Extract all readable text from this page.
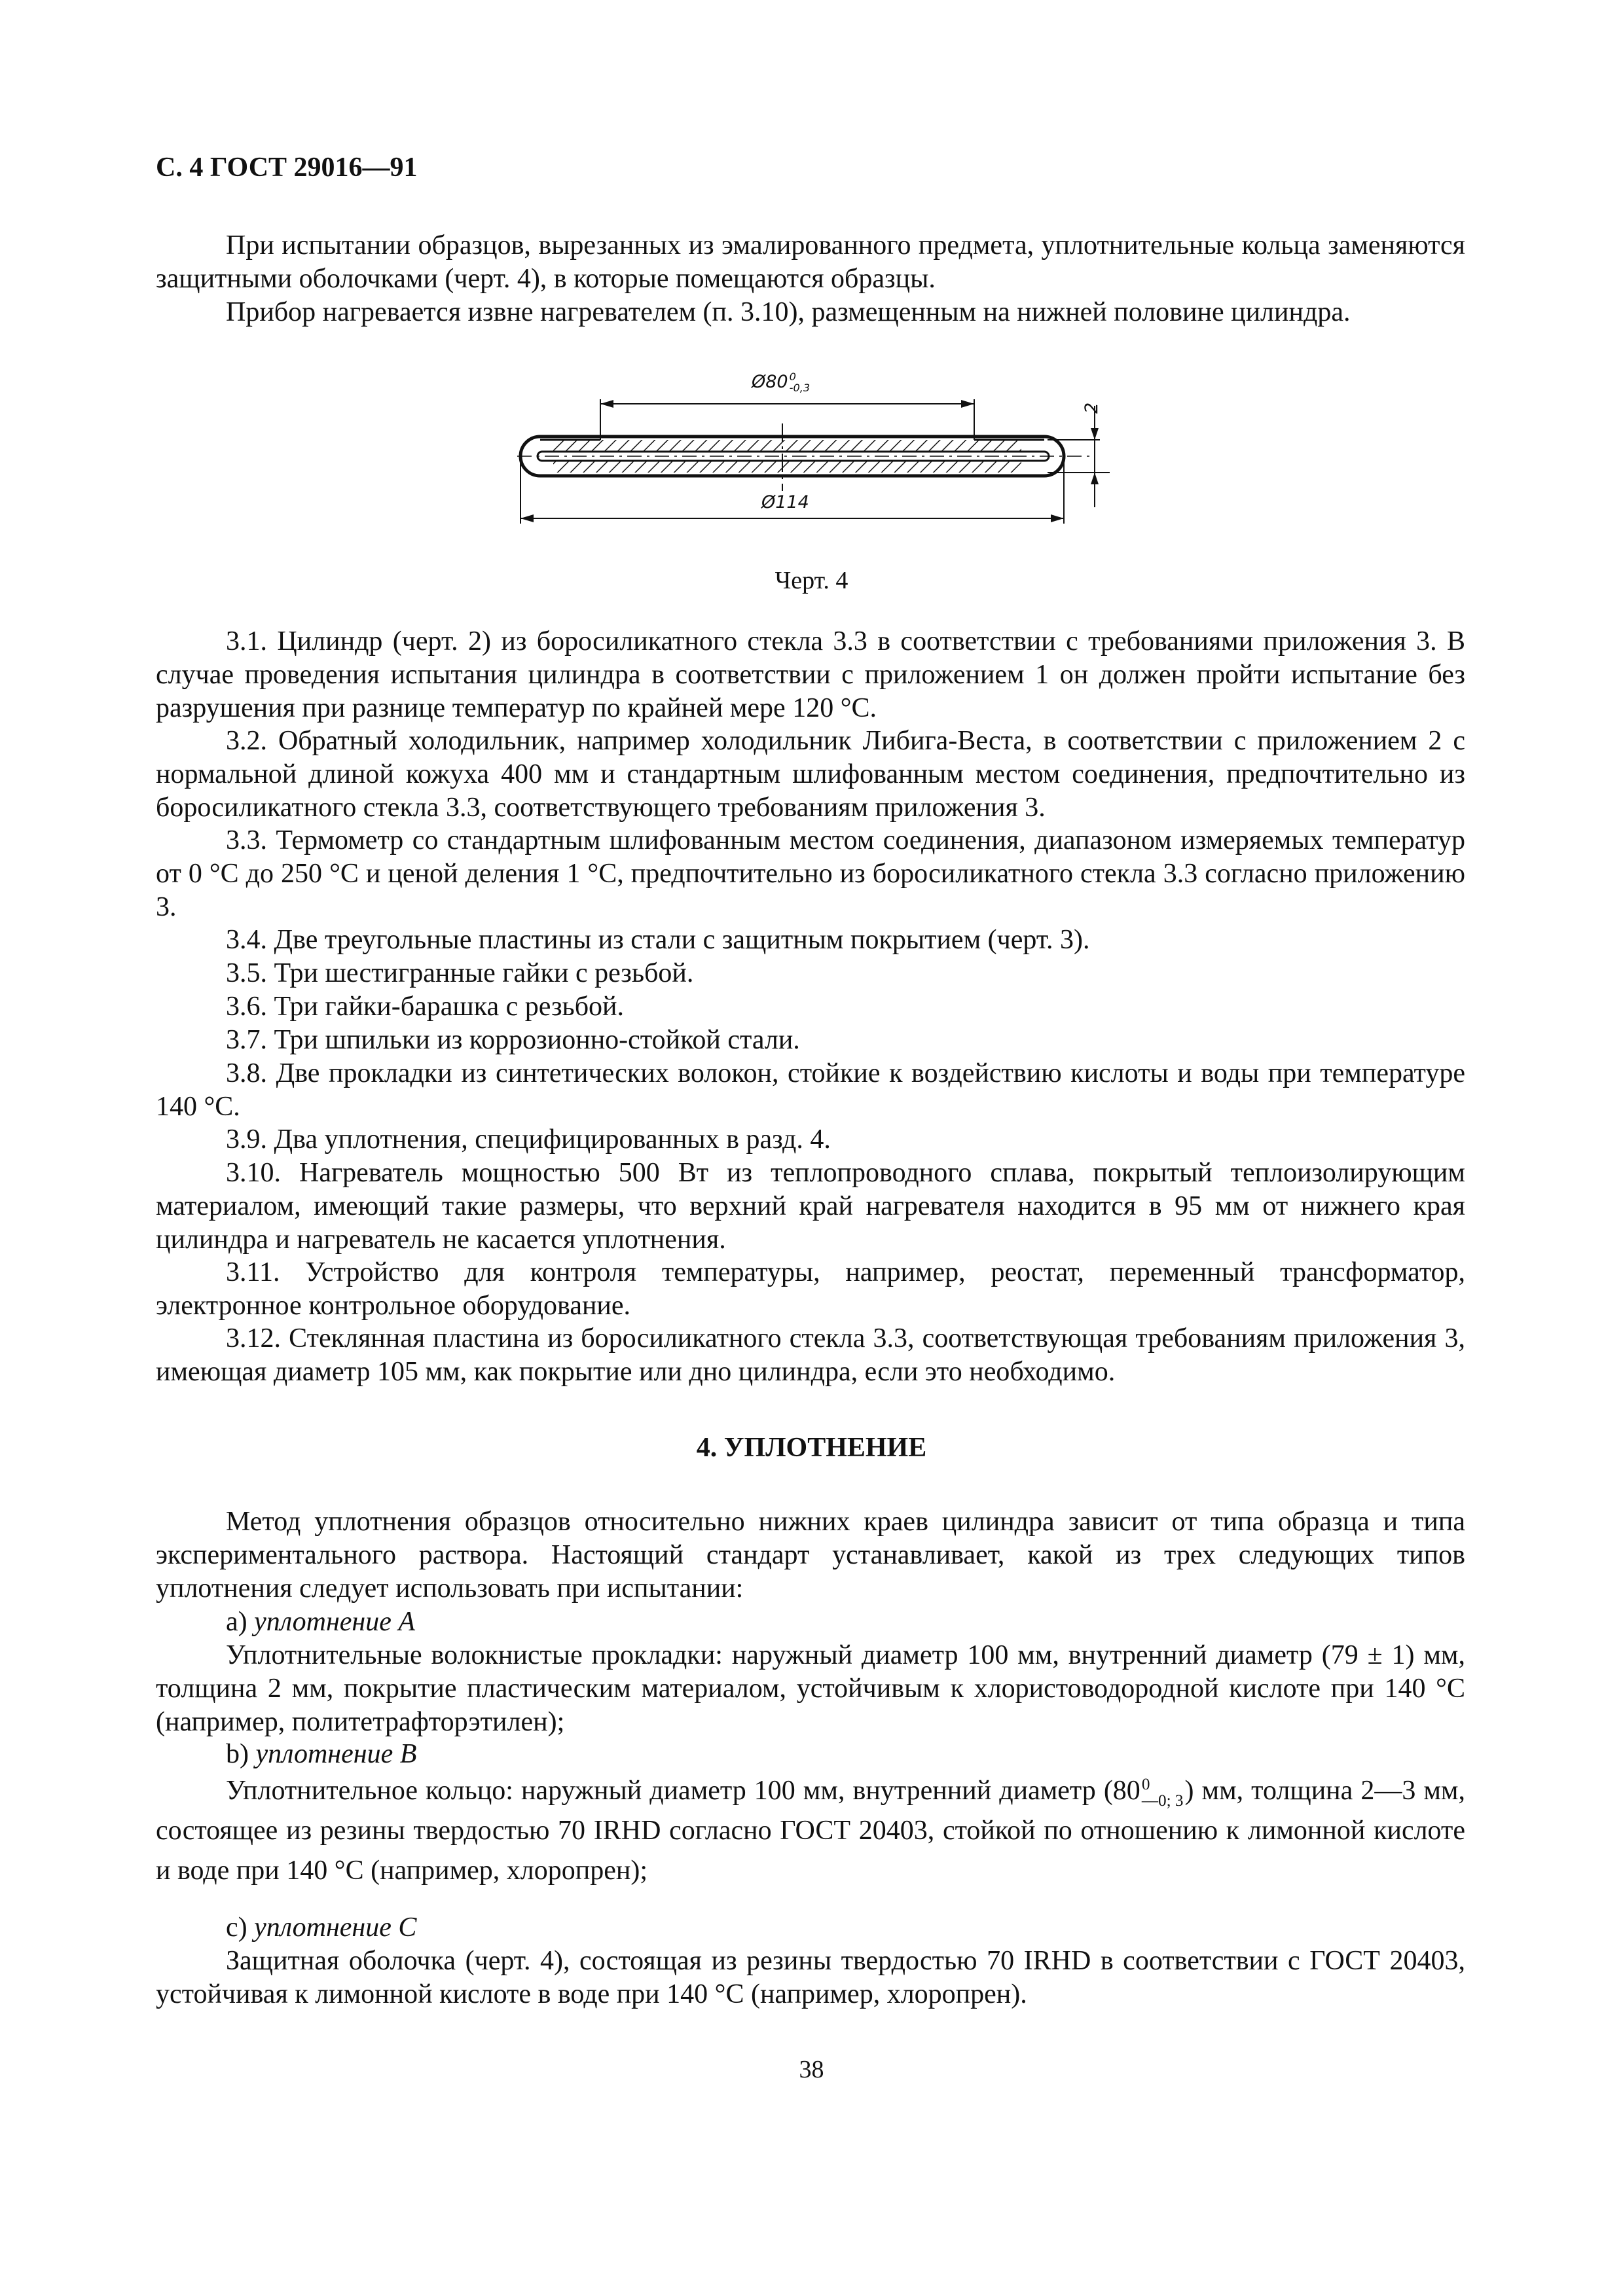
С. 4 ГОСТ 29016—91
При испытании образцов, вырезанных из эмалированного предмета, уплотнительные кольца заменяются защитными оболочками (черт. 4), в которые помещаются образцы.
Прибор нагревается извне нагревателем (п. 3.10), размещенным на нижней половине цилиндра.
Ø80 0
-0,3
Ø114
2
Черт. 4
3.1. Цилиндр (черт. 2) из боросиликатного стекла 3.3 в соответствии с требованиями приложения 3. В случае проведения испытания цилиндра в соответствии с приложением 1 он должен пройти испытание без разрушения при разнице температур по крайней мере 120 °С.
3.2. Обратный холодильник, например холодильник Либига-Веста, в соответствии с приложением 2 с нормальной длиной кожуха 400 мм и стандартным шлифованным местом соединения, предпочтительно из боросиликатного стекла 3.3, соответствующего требованиям приложения 3.
3.3. Термометр со стандартным шлифованным местом соединения, диапазоном измеряемых температур от 0 °С до 250 °С и ценой деления 1 °С, предпочтительно из боросиликатного стекла 3.3 согласно приложению 3.
3.4. Две треугольные пластины из стали с защитным покрытием (черт. 3).
3.5. Три шестигранные гайки с резьбой.
3.6. Три гайки-барашка с резьбой.
3.7. Три шпильки из коррозионно-стойкой стали.
3.8. Две прокладки из синтетических волокон, стойкие к воздействию кислоты и воды при температуре 140 °С.
3.9. Два уплотнения, специфицированных в разд. 4.
3.10. Нагреватель мощностью 500 Вт из теплопроводного сплава, покрытый теплоизолирующим материалом, имеющий такие размеры, что верхний край нагревателя находится в 95 мм от нижнего края цилиндра и нагреватель не касается уплотнения.
3.11. Устройство для контроля температуры, например, реостат, переменный трансформатор, электронное контрольное оборудование.
3.12. Стеклянная пластина из боросиликатного стекла 3.3, соответствующая требованиям приложения 3, имеющая диаметр 105 мм, как покрытие или дно цилиндра, если это необходимо.
4. УПЛОТНЕНИЕ
Метод уплотнения образцов относительно нижних краев цилиндра зависит от типа образца и типа экспериментального раствора. Настоящий стандарт устанавливает, какой из трех следующих типов уплотнения следует использовать при испытании:
а) уплотнение А
Уплотнительные волокнистые прокладки: наружный диаметр 100 мм, внутренний диаметр (79 ± 1) мм, толщина 2 мм, покрытие пластическим материалом, устойчивым к хлористоводородной кислоте при 140 °С (например, политетрафторэтилен);
b) уплотнение В
Уплотнительное кольцо: наружный диаметр 100 мм, внутренний диаметр (80 0
—0; 3 ) мм, толщина 2—3 мм, состоящее из резины твердостью 70 IRHD согласно ГОСТ 20403, стойкой по отношению к лимонной кислоте и воде при 140 °С (например, хлоропрен);
с) уплотнение С
Защитная оболочка (черт. 4), состоящая из резины твердостью 70 IRHD в соответствии с ГОСТ 20403, устойчивая к лимонной кислоте в воде при 140 °С (например, хлоропрен).
38
